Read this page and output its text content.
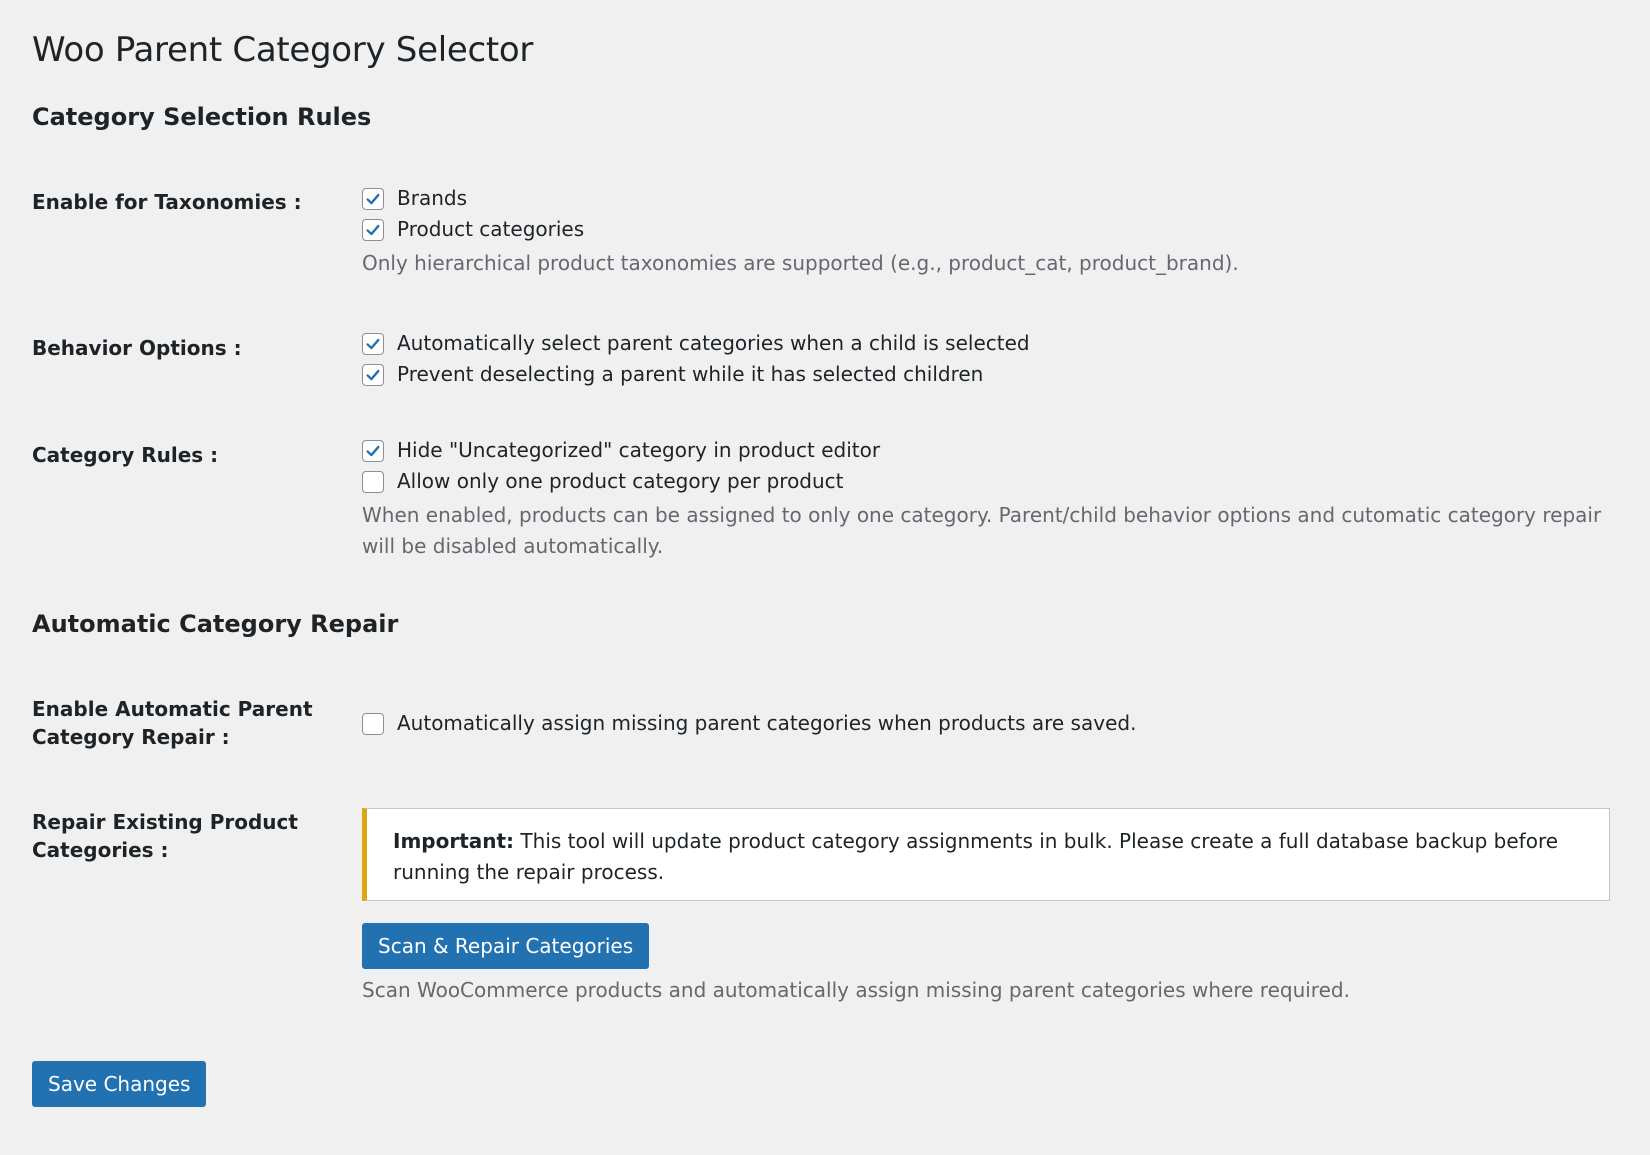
Woo Parent Category Selector
Category Selection Rules
Enable for Taxonomies :	Brands
Product categories
Only hierarchical product taxonomies are supported (e.g., product_cat, product_brand).
Behavior Options :	Automatically select parent categories when a child is selected
Prevent deselecting a parent while it has selected children
Category Rules :	Hide "Uncategorized" category in product editor
Allow only one product category per product
When enabled, products can be assigned to only one category. Parent/child behavior options and cutomatic category repair will be disabled automatically.
Automatic Category Repair
Enable Automatic Parent Category Repair :
Automatically assign missing parent categories when products are saved.
Repair Existing Product Categories :	Important: This tool will update product category assignments in bulk. Please create a full database backup before running the repair process.
Scan & Repair Categories
Scan WooCommerce products and automatically assign missing parent categories where required.
Save Changes
